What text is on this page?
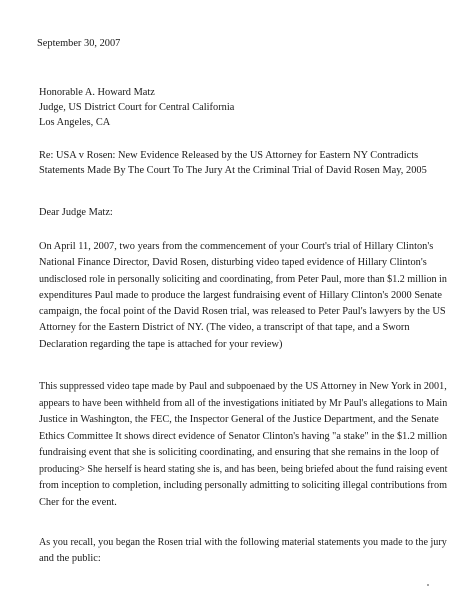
September 30, 2007
Honorable A. Howard Matz
Judge, US District Court for Central California
Los Angeles, CA
Re: USA v Rosen: New Evidence Released by the US Attorney for Eastern NY Contradicts
Statements Made By The Court To The Jury At the Criminal Trial of David Rosen May, 2005
Dear Judge Matz:
On April 11, 2007, two years from the commencement of your Court's trial of Hillary Clinton's
National Finance Director, David Rosen, disturbing video taped evidence of Hillary Clinton's
undisclosed role in personally soliciting and coordinating, from Peter Paul, more than $1.2 million in
expenditures Paul made to produce the largest fundraising event of Hillary Clinton's 2000 Senate
campaign, the focal point of the David Rosen trial, was released to Peter Paul's lawyers by the US
Attorney for the Eastern District of NY. (The video, a transcript of that tape, and a Sworn
Declaration regarding the tape is attached for your review)
This suppressed video tape made by Paul and subpoenaed by the US Attorney in New York in 2001,
appears to have been withheld from all of the investigations initiated by Mr Paul's allegations to Main
Justice in Washington, the FEC, the Inspector General of the Justice Department, and the Senate
Ethics Committee It shows direct evidence of Senator Clinton's having "a stake" in the $1.2 million
fundraising event that she is soliciting coordinating, and ensuring that she remains in the loop of
producing> She herself is heard stating she is, and has been, being briefed about the fund raising event
from inception to completion, including personally admitting to soliciting illegal contributions from
Cher for the event.
As you recall, you began the Rosen trial with the following material statements you made to the jury
and the public:
